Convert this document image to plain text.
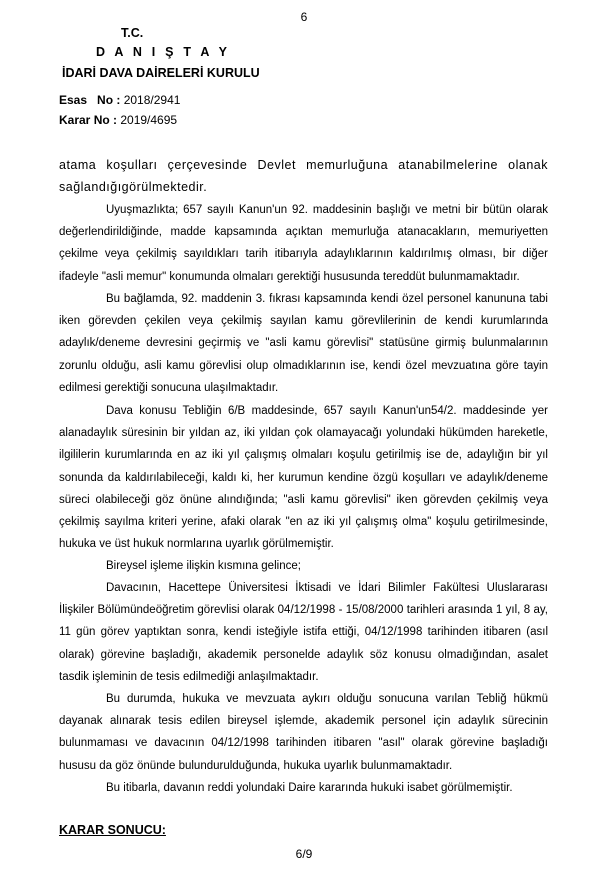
6
T.C.
D A N I Ş T A Y
İDARİ DAVA DAİRELERİ KURULU
Esas   No : 2018/2941
Karar No : 2019/4695

atama koşulları çerçevesinde Devlet memurluğuna atanabilmelerine olanak sağlandığıgörülmektedir.

Uyuşmazlıkta; 657 sayılı Kanun'un 92. maddesinin başlığı ve metni bir bütün olarak değerlendirildiğinde, madde kapsamında açıktan memurluğa atanacakların, memuriyetten çekilme veya çekilmiş sayıldıkları tarih itibarıyla adaylıklarının kaldırılmış olması, bir diğer ifadeyle "asli memur" konumunda olmaları gerektiği hususunda tereddüt bulunmamaktadır.

Bu bağlamda, 92. maddenin 3. fıkrası kapsamında kendi özel personel kanununa tabi iken görevden çekilen veya çekilmiş sayılan kamu görevlilerinin de kendi kurumlarında adaylık/deneme devresini geçirmiş ve "asli kamu görevlisi" statüsüne girmiş bulunmalarının zorunlu olduğu, asli kamu görevlisi olup olmadıklarının ise, kendi özel mevzuatına göre tayin edilmesi gerektiği sonucuna ulaşılmaktadır.

Dava konusu Tebliğin 6/B maddesinde, 657 sayılı Kanun'un54/2. maddesinde yer alanadaylık süresinin bir yıldan az, iki yıldan çok olamayacağı yolundaki hükümden hareketle, ilgililerin kurumlarında en az iki yıl çalışmış olmaları koşulu getirilmiş ise de, adaylığın bir yıl sonunda da kaldırılabileceği, kaldı ki, her kurumun kendine özgü koşulları ve adaylık/deneme süreci olabileceği göz önüne alındığında; "asli kamu görevlisi" iken görevden çekilmiş veya çekilmiş sayılma kriteri yerine, afaki olarak "en az iki yıl çalışmış olma" koşulu getirilmesinde, hukuka ve üst hukuk normlarına uyarlık görülmemiştir.

Bireysel işleme ilişkin kısmına gelince;

Davacının, Hacettepe Üniversitesi İktisadi ve İdari Bilimler Fakültesi Uluslararası İlişkiler Bölümündeöğretim görevlisi olarak 04/12/1998 - 15/08/2000 tarihleri arasında 1 yıl, 8 ay, 11 gün görev yaptıktan sonra, kendi isteğiyle istifa ettiği, 04/12/1998 tarihinden itibaren (asıl olarak) görevine başladığı, akademik personelde adaylık söz konusu olmadığından, asalet tasdik işleminin de tesis edilmediği anlaşılmaktadır.

Bu durumda, hukuka ve mevzuata aykırı olduğu sonucuna varılan Tebliğ hükmü dayanak alınarak tesis edilen bireysel işlemde, akademik personel için adaylık sürecinin bulunmaması ve davacının 04/12/1998 tarihinden itibaren "asıl" olarak görevine başladığı hususu da göz önünde bulundurulduğunda, hukuka uyarlık bulunmamaktadır.

Bu itibarla, davanın reddi yolundaki Daire kararında hukuki isabet görülmemiştir.

KARAR SONUCU:
6/9
